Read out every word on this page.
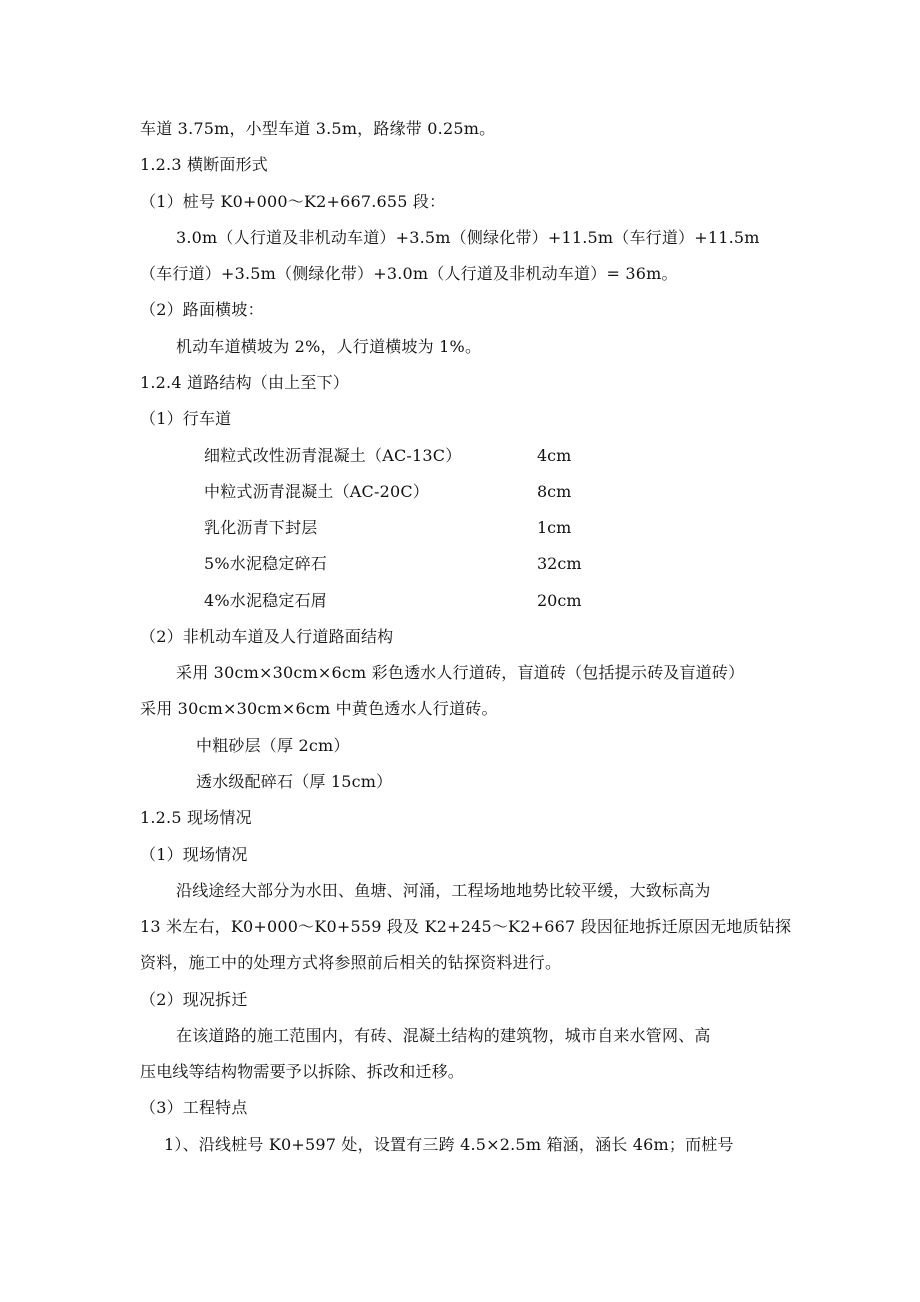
车道 3.75m，小型车道 3.5m，路缘带 0.25m。
1.2.3 横断面形式
（1）桩号 K0+000～K2+667.655 段：
3.0m（人行道及非机动车道）+3.5m（侧绿化带）+11.5m（车行道）+11.5m
（车行道）+3.5m（侧绿化带）+3.0m（人行道及非机动车道）= 36m。
（2）路面横坡：
机动车道横坡为 2%，人行道横坡为 1%。
1.2.4 道路结构（由上至下）
（1）行车道
细粒式改性沥青混凝土（AC-13C）	4cm
中粒式沥青混凝土（AC-20C）	8cm
乳化沥青下封层	1cm
5%水泥稳定碎石	32cm
4%水泥稳定石屑	20cm
（2）非机动车道及人行道路面结构
采用 30cm×30cm×6cm 彩色透水人行道砖，盲道砖（包括提示砖及盲道砖）
采用 30cm×30cm×6cm 中黄色透水人行道砖。
中粗砂层（厚 2cm）
透水级配碎石（厚 15cm）
1.2.5 现场情况
（1）现场情况
沿线途经大部分为水田、鱼塘、河涌，工程场地地势比较平缓，大致标高为
13 米左右，K0+000～K0+559 段及 K2+245～K2+667 段因征地拆迁原因无地质钻探
资料，施工中的处理方式将参照前后相关的钻探资料进行。
（2）现况拆迁
在该道路的施工范围内，有砖、混凝土结构的建筑物，城市自来水管网、高
压电线等结构物需要予以拆除、拆改和迁移。
（3）工程特点
1）、沿线桩号 K0+597 处，设置有三跨 4.5×2.5m 箱涵，涵长 46m；而桩号
